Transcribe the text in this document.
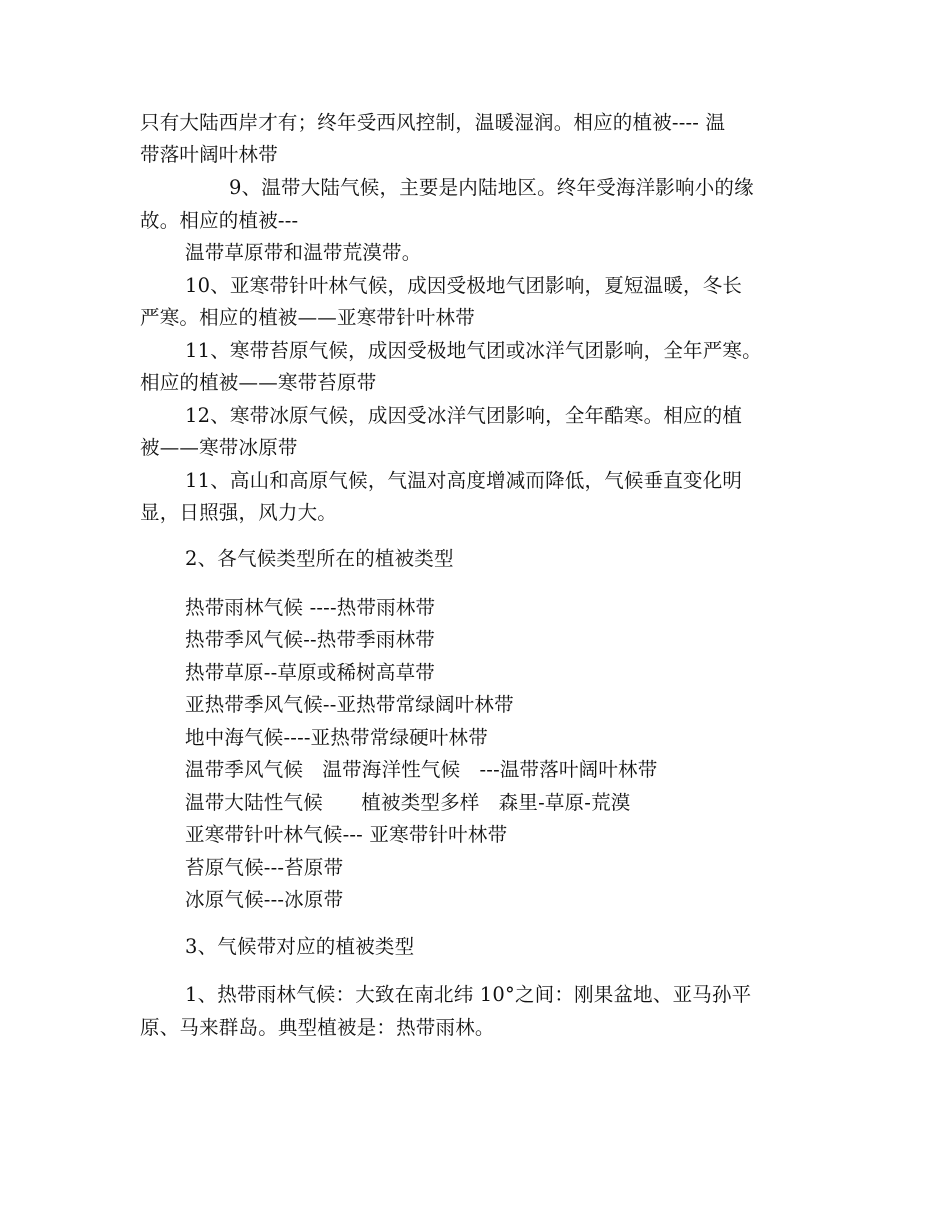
只有大陆西岸才有；终年受西风控制，温暖湿润。相应的植被---- 温
带落叶阔叶林带
9、温带大陆气候，主要是内陆地区。终年受海洋影响小的缘
故。相应的植被---
温带草原带和温带荒漠带。
10、亚寒带针叶林气候，成因受极地气团影响，夏短温暖，冬长
严寒。相应的植被——亚寒带针叶林带
11、寒带苔原气候，成因受极地气团或冰洋气团影响，全年严寒。
相应的植被——寒带苔原带
12、寒带冰原气候，成因受冰洋气团影响，全年酷寒。相应的植
被——寒带冰原带
11、高山和高原气候，气温对高度增减而降低，气候垂直变化明
显，日照强，风力大。
2、各气候类型所在的植被类型
热带雨林气候 ----热带雨林带
热带季风气候--热带季雨林带
热带草原--草原或稀树高草带
亚热带季风气候--亚热带常绿阔叶林带
地中海气候----亚热带常绿硬叶林带
温带季风气候   温带海洋性气候   ---温带落叶阔叶林带
温带大陆性气候      植被类型多样   森里-草原-荒漠
亚寒带针叶林气候--- 亚寒带针叶林带
苔原气候---苔原带
冰原气候---冰原带
3、气候带对应的植被类型
1、热带雨林气候：大致在南北纬 10°之间：刚果盆地、亚马孙平
原、马来群岛。典型植被是：热带雨林。
